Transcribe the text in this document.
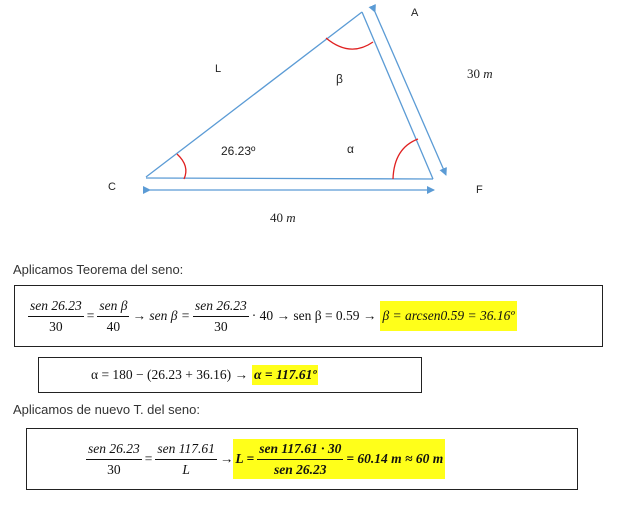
A
C	F
L	30 m
40 m
β
α
26.23º
Aplicamos Teorema del seno:
$\frac{\text{sen 26.23}}{30} = \frac{\text{sen β}}{40}$ → sen $\beta = \frac{\text{sen 26.23}}{30} \cdot 40$ → sen β = 0.59 → β = arcsen0.59 = 36.16º
α = 180 − (26.23 + 36.16) → α = 117.61º
Aplicamos de nuevo T. del seno:
$\frac{\text{sen 26.23}}{30} = \frac{\text{sen 117.61}}{L} \to L = \frac{\text{sen 117.61 · 30}}{\text{sen 26.23}} = 60.14$ m ≈ 60 m
